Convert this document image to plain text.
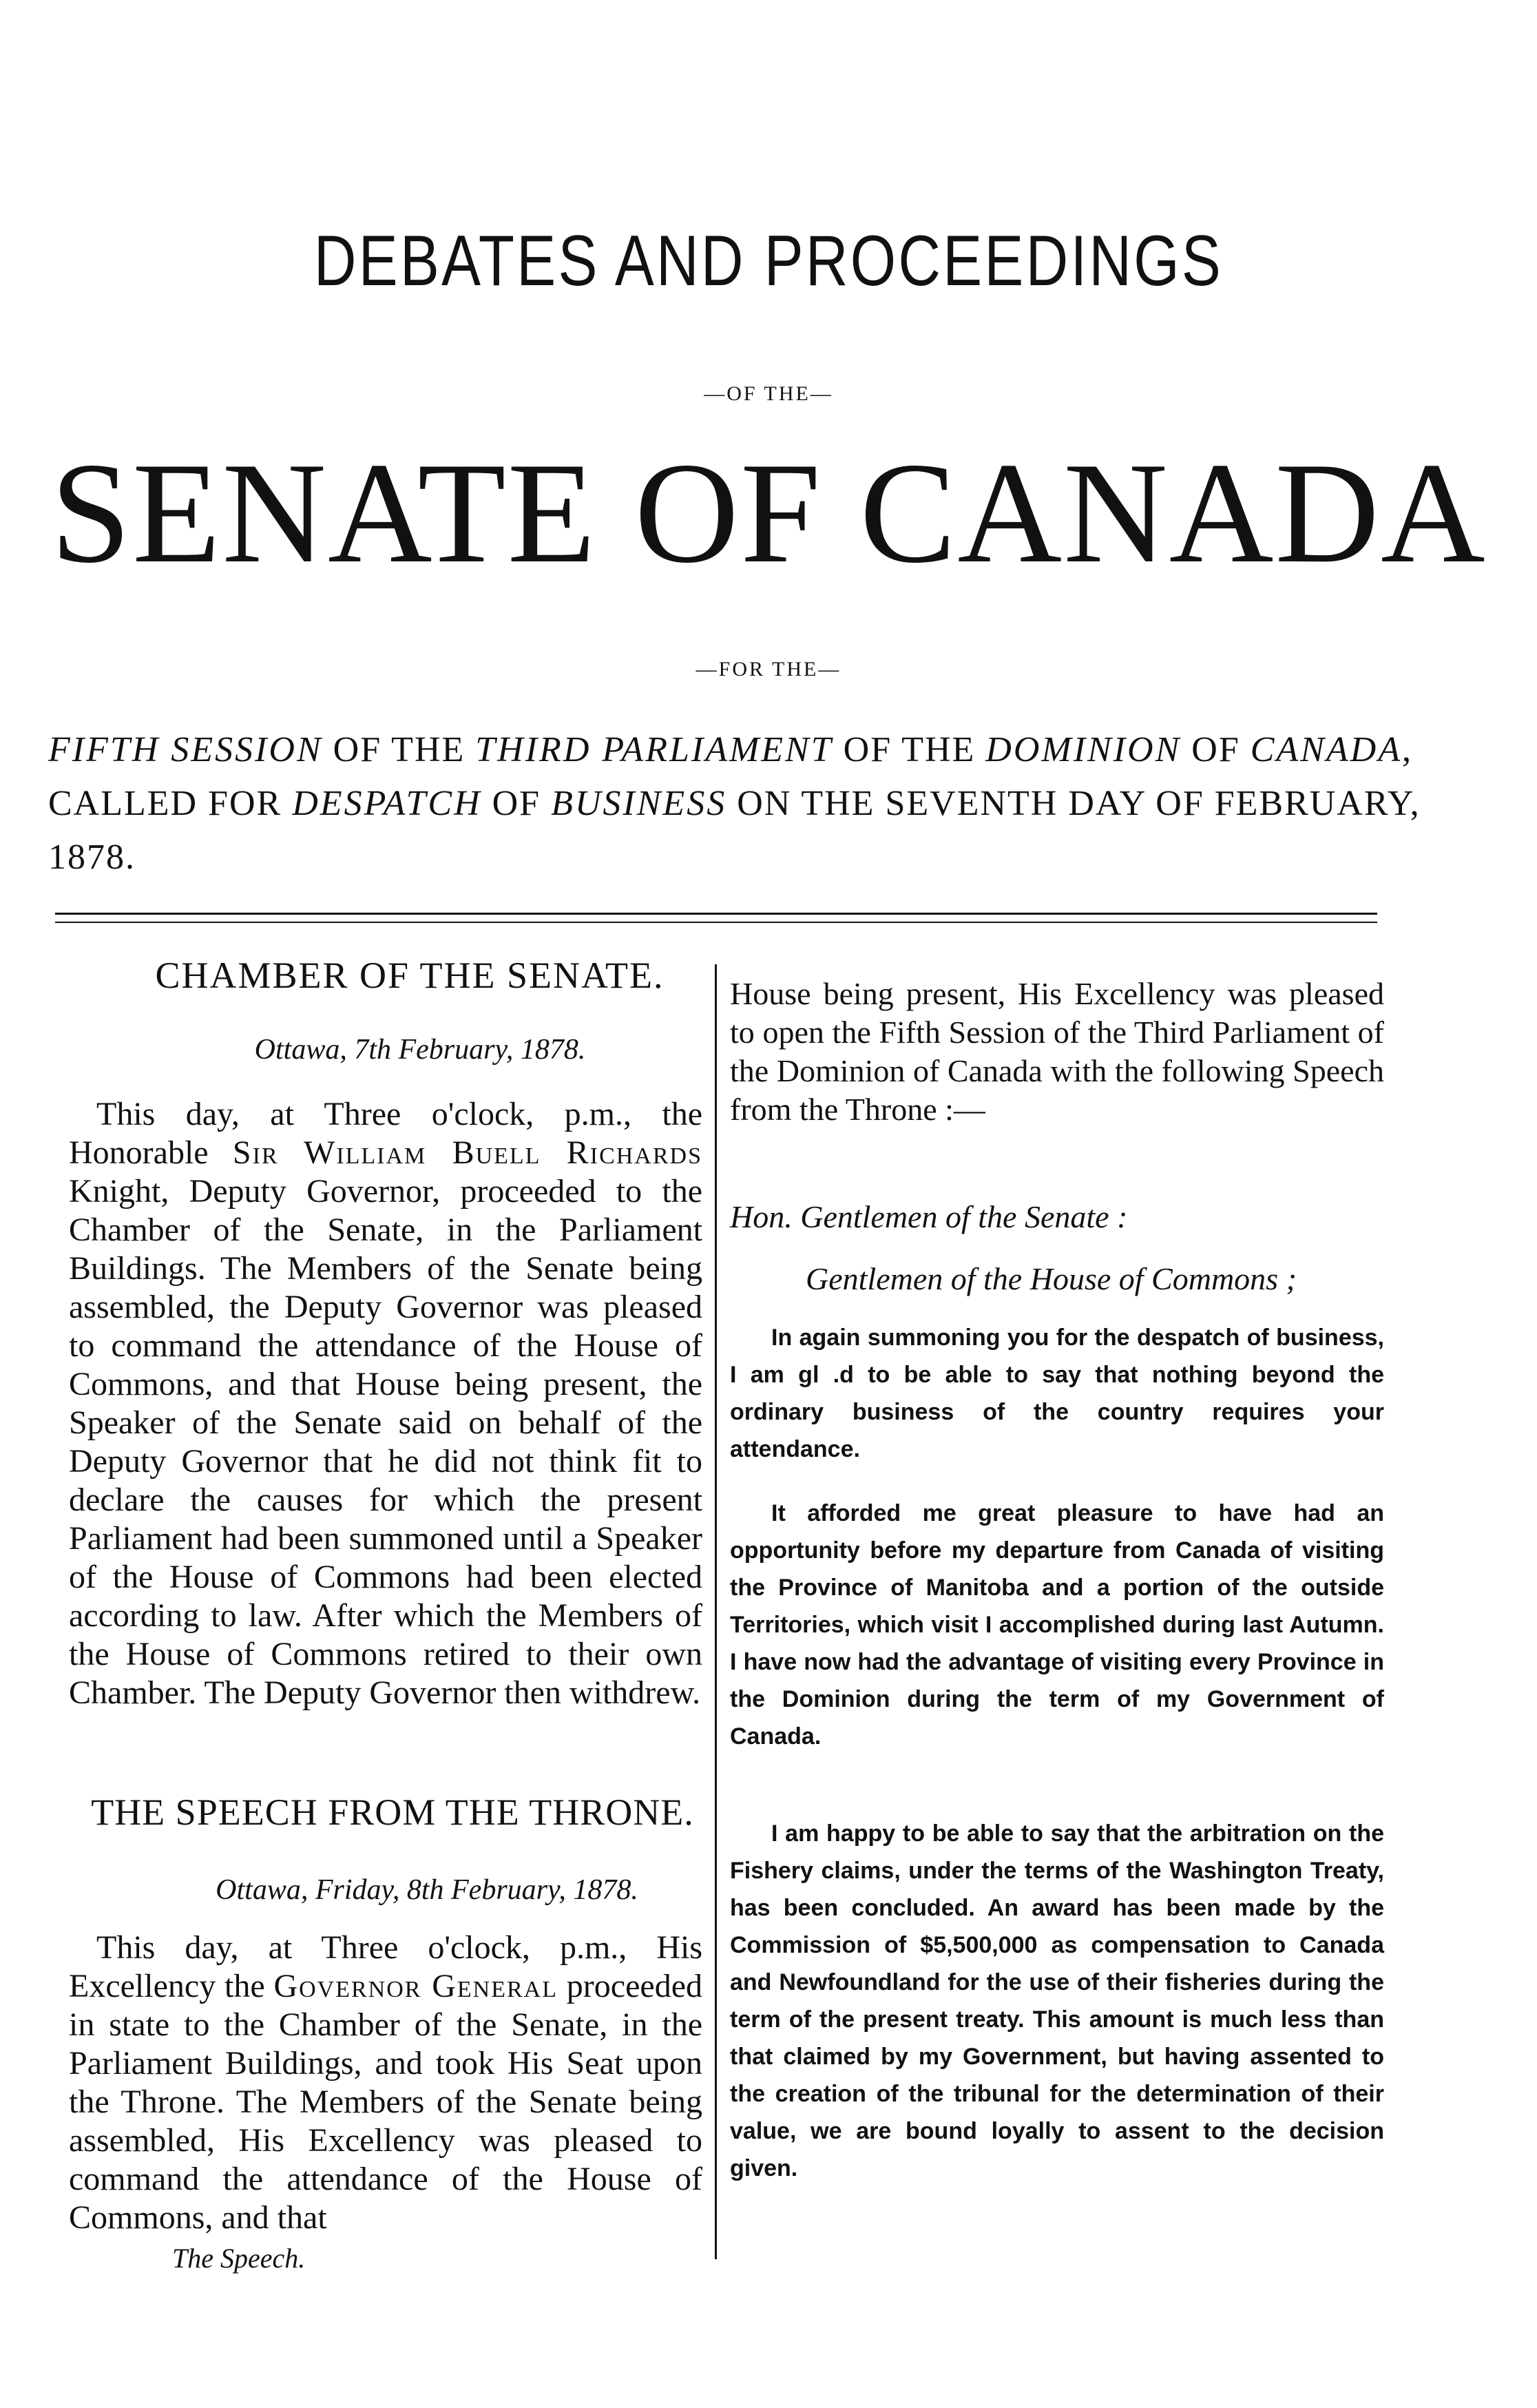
DEBATES AND PROCEEDINGS
—OF THE—
SENATE OF CANADA
—FOR THE—
FIFTH SESSION OF THE THIRD PARLIAMENT OF THE DOMINION OF CANADA, CALLED FOR DESPATCH OF BUSINESS ON THE SEVENTH DAY OF FEBRUARY, 1878.
CHAMBER OF THE SENATE.
Ottawa, 7th February, 1878.
This day, at Three o'clock, p.m., the Honorable Sir William Buell Richards Knight, Deputy Governor, proceeded to the Chamber of the Senate, in the Parliament Buildings. The Members of the Senate being assembled, the Deputy Governor was pleased to command the attendance of the House of Commons, and that House being present, the Speaker of the Senate said on behalf of the Deputy Governor that he did not think fit to declare the causes for which the present Parliament had been summoned until a Speaker of the House of Commons had been elected according to law. After which the Members of the House of Commons retired to their own Chamber. The Deputy Governor then withdrew.
THE SPEECH FROM THE THRONE.
Ottawa, Friday, 8th February, 1878.
This day, at Three o'clock, p.m., His Excellency the Governor General proceeded in state to the Chamber of the Senate, in the Parliament Buildings, and took His Seat upon the Throne. The Members of the Senate being assembled, His Excellency was pleased to command the attendance of the House of Commons, and that
The Speech.
House being present, His Excellency was pleased to open the Fifth Session of the Third Parliament of the Dominion of Canada with the following Speech from the Throne :—
Hon. Gentlemen of the Senate :
Gentlemen of the House of Commons ;
In again summoning you for the despatch of business, I am gl .d to be able to say that nothing beyond the ordinary business of the country requires your attendance.
It afforded me great pleasure to have had an opportunity before my departure from Canada of visiting the Province of Manitoba and a portion of the outside Territories, which visit I accomplished during last Autumn. I have now had the advantage of visiting every Province in the Dominion during the term of my Government of Canada.
I am happy to be able to say that the arbitration on the Fishery claims, under the terms of the Washington Treaty, has been concluded. An award has been made by the Commission of $5,500,000 as compensation to Canada and Newfoundland for the use of their fisheries during the term of the present treaty. This amount is much less than that claimed by my Government, but having assented to the creation of the tribunal for the determination of their value, we are bound loyally to assent to the decision given.
